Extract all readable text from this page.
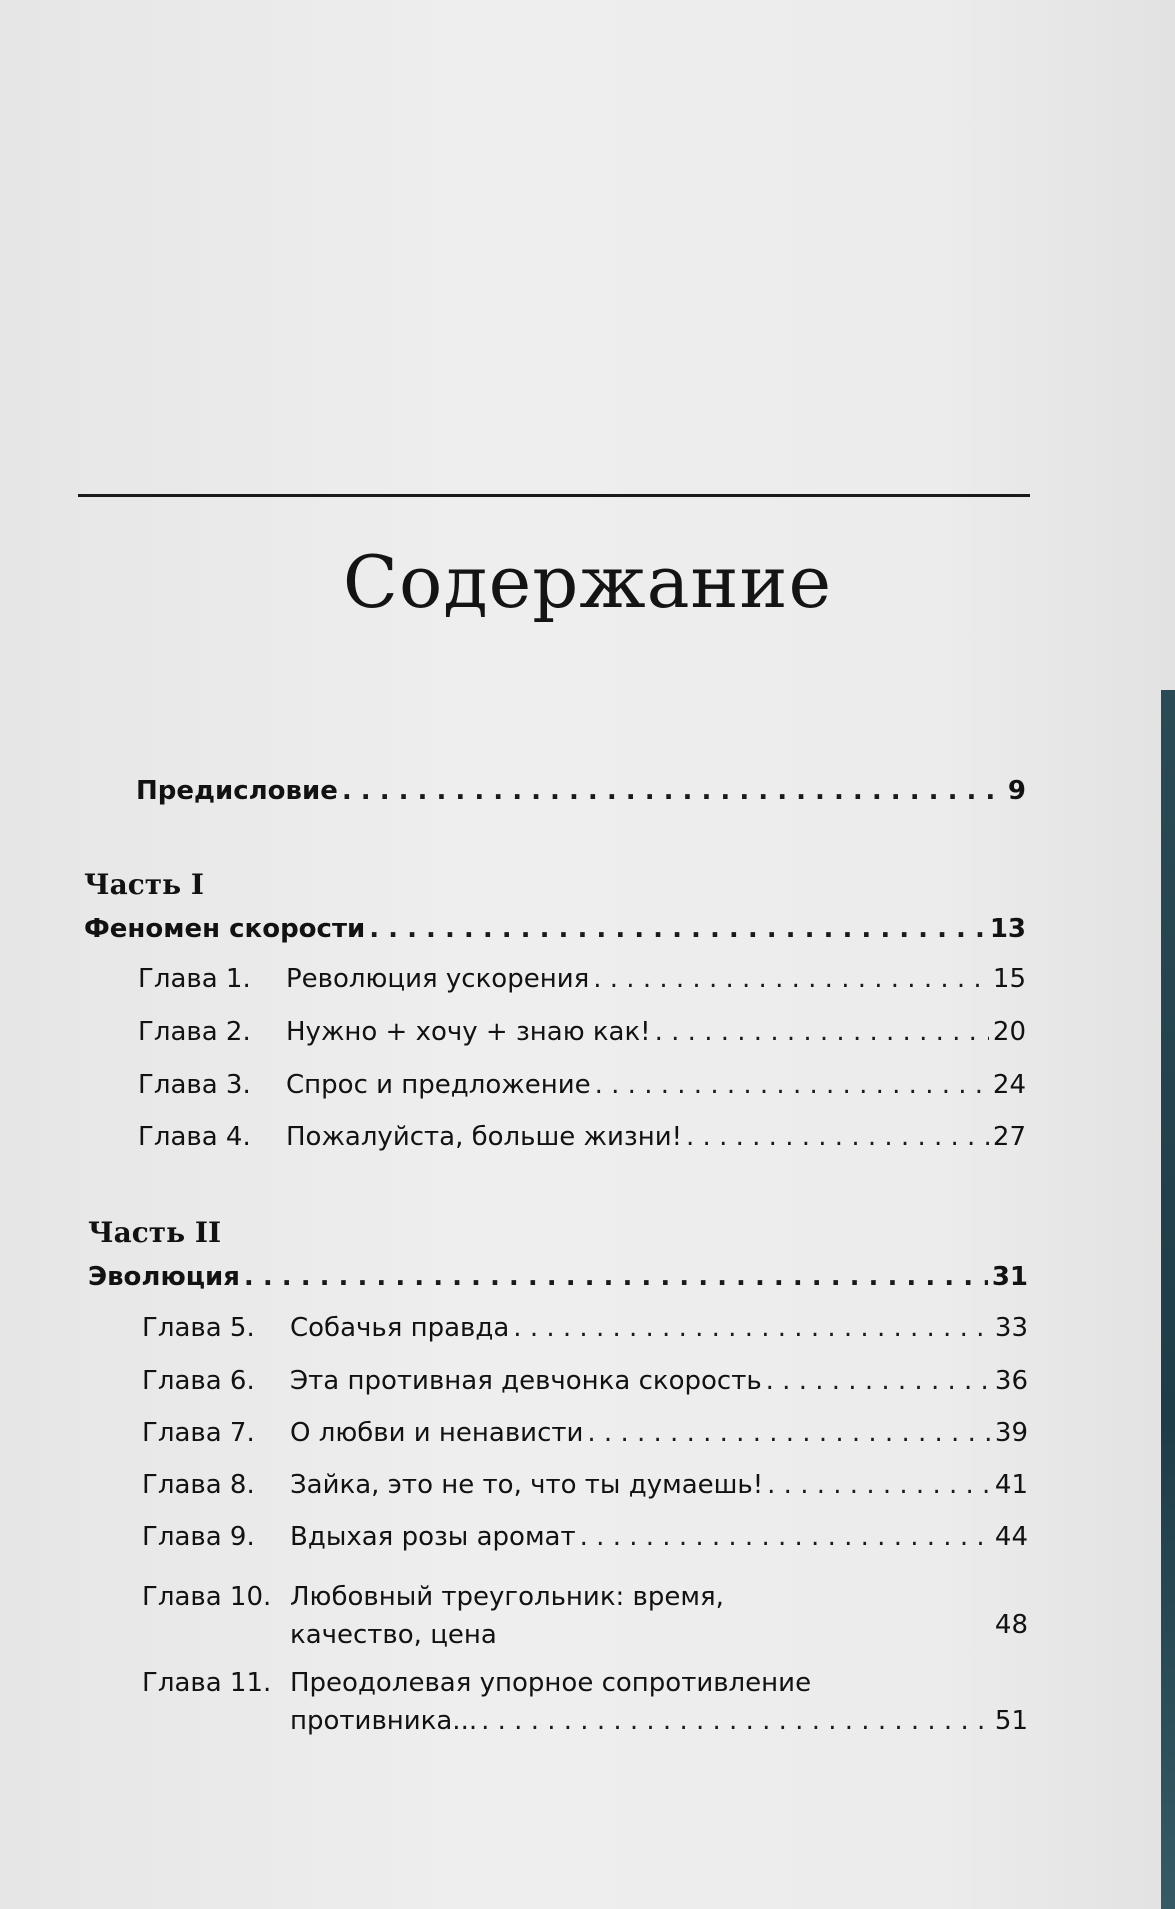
Содержание
Предисловие . . .	9
Часть I
Феномен скорости . . .	13
Глава 1.	Революция ускорения . . .	15
Глава 2.	Нужно + хочу + знаю как! . . .	20
Глава 3.	Спрос и предложение . . .	24
Глава 4.	Пожалуйста, больше жизни! . . .	27
Часть II
Эволюция . . .	31
Глава 5.	Собачья правда . . .	33
Глава 6.	Эта противная девчонка скорость . . .	36
Глава 7.	О любви и ненависти . . .	39
Глава 8.	Зайка, это не то, что ты думаешь! . . .	41
Глава 9.	Вдыхая розы аромат . . .	44
Глава 10. Любовный треугольник: время,
качество, цена	48
Глава 11. Преодолевая упорное сопротивление
противника... . . .	51
